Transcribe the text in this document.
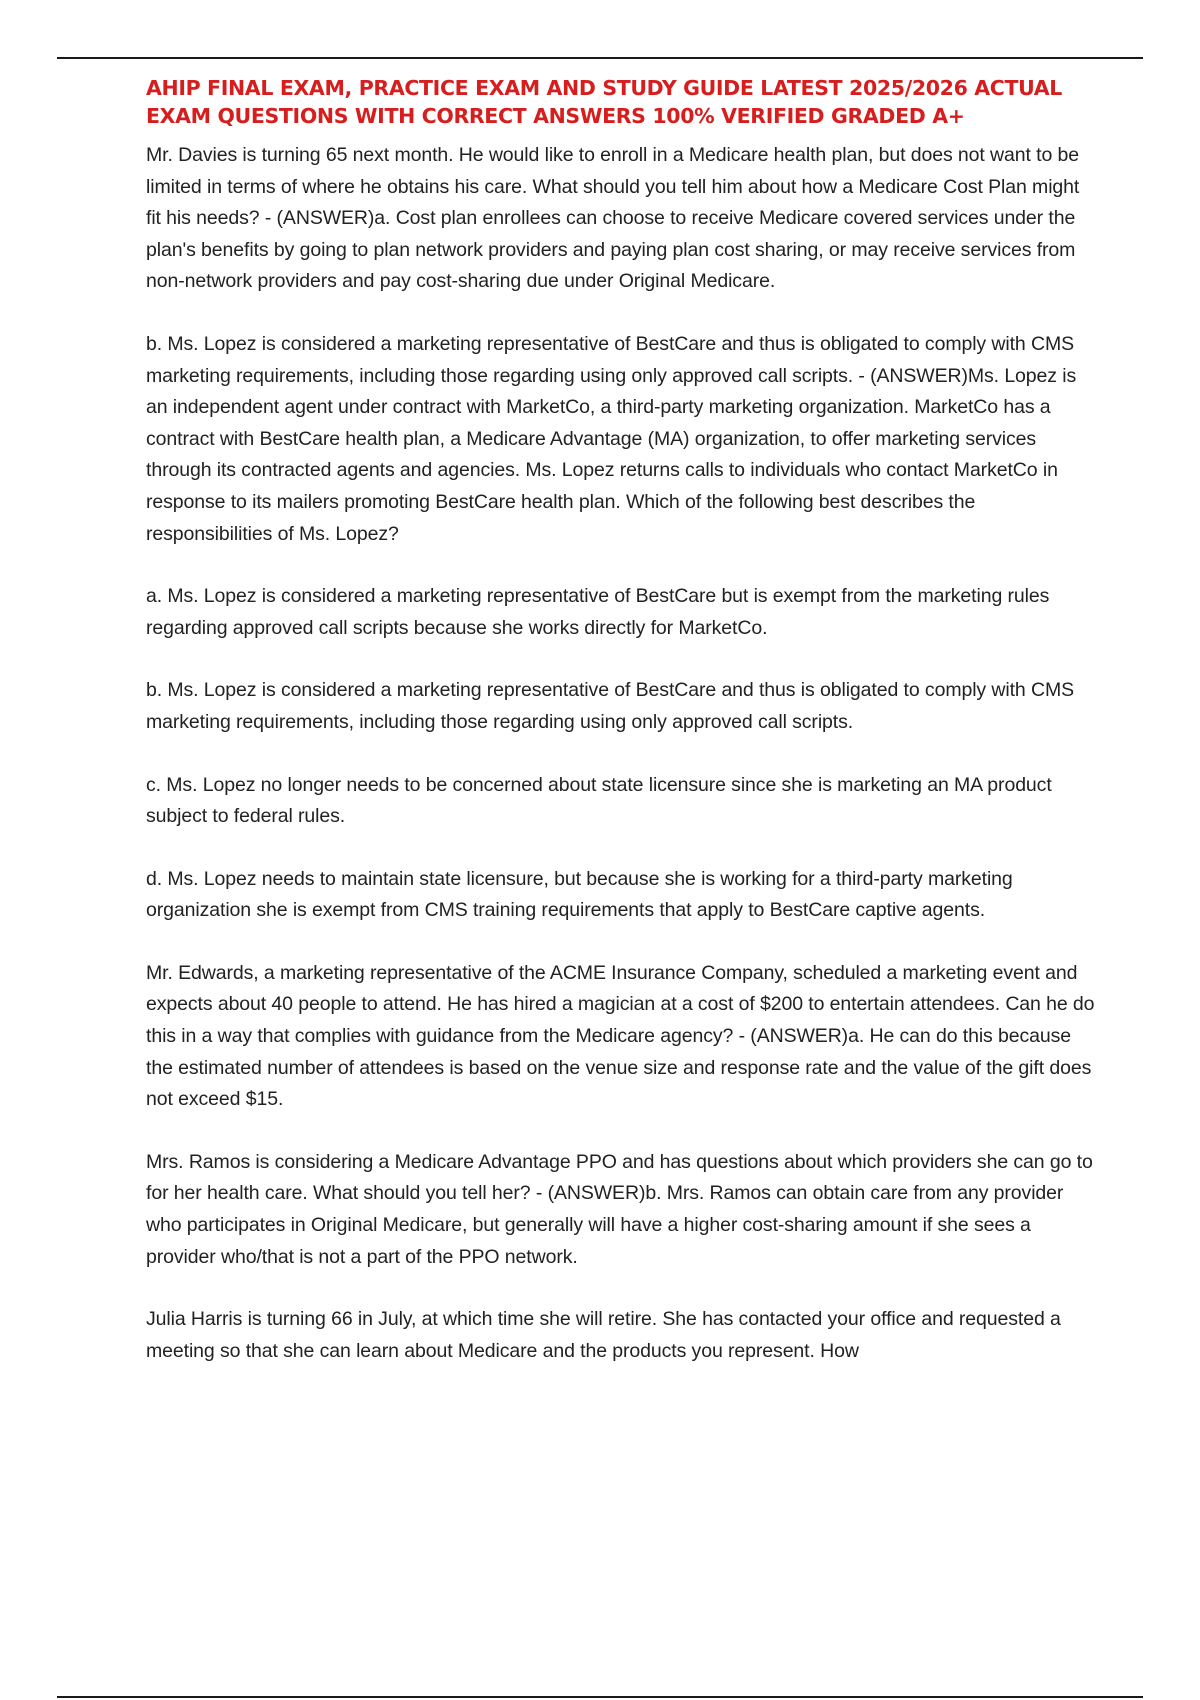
AHIP FINAL EXAM, PRACTICE EXAM AND STUDY GUIDE LATEST 2025/2026 ACTUAL EXAM QUESTIONS WITH CORRECT ANSWERS 100% VERIFIED GRADED A+

Mr. Davies is turning 65 next month. He would like to enroll in a Medicare health plan, but does not want to be limited in terms of where he obtains his care. What should you tell him about how a Medicare Cost Plan might fit his needs? - (ANSWER)a. Cost plan enrollees can choose to receive Medicare covered services under the plan's benefits by going to plan network providers and paying plan cost sharing, or may receive services from non-network providers and pay cost-sharing due under Original Medicare.

b. Ms. Lopez is considered a marketing representative of BestCare and thus is obligated to comply with CMS marketing requirements, including those regarding using only approved call scripts. - (ANSWER)Ms. Lopez is an independent agent under contract with MarketCo, a third-party marketing organization. MarketCo has a contract with BestCare health plan, a Medicare Advantage (MA) organization, to offer marketing services through its contracted agents and agencies. Ms. Lopez returns calls to individuals who contact MarketCo in response to its mailers promoting BestCare health plan. Which of the following best describes the responsibilities of Ms. Lopez?

a. Ms. Lopez is considered a marketing representative of BestCare but is exempt from the marketing rules regarding approved call scripts because she works directly for MarketCo.

b. Ms. Lopez is considered a marketing representative of BestCare and thus is obligated to comply with CMS marketing requirements, including those regarding using only approved call scripts.

c. Ms. Lopez no longer needs to be concerned about state licensure since she is marketing an MA product subject to federal rules.

d. Ms. Lopez needs to maintain state licensure, but because she is working for a third-party marketing organization she is exempt from CMS training requirements that apply to BestCare captive agents.

Mr. Edwards, a marketing representative of the ACME Insurance Company, scheduled a marketing event and expects about 40 people to attend. He has hired a magician at a cost of $200 to entertain attendees. Can he do this in a way that complies with guidance from the Medicare agency? - (ANSWER)a. He can do this because the estimated number of attendees is based on the venue size and response rate and the value of the gift does not exceed $15.

Mrs. Ramos is considering a Medicare Advantage PPO and has questions about which providers she can go to for her health care. What should you tell her? - (ANSWER)b. Mrs. Ramos can obtain care from any provider who participates in Original Medicare, but generally will have a higher cost-sharing amount if she sees a provider who/that is not a part of the PPO network.

Julia Harris is turning 66 in July, at which time she will retire. She has contacted your office and requested a meeting so that she can learn about Medicare and the products you represent. How
